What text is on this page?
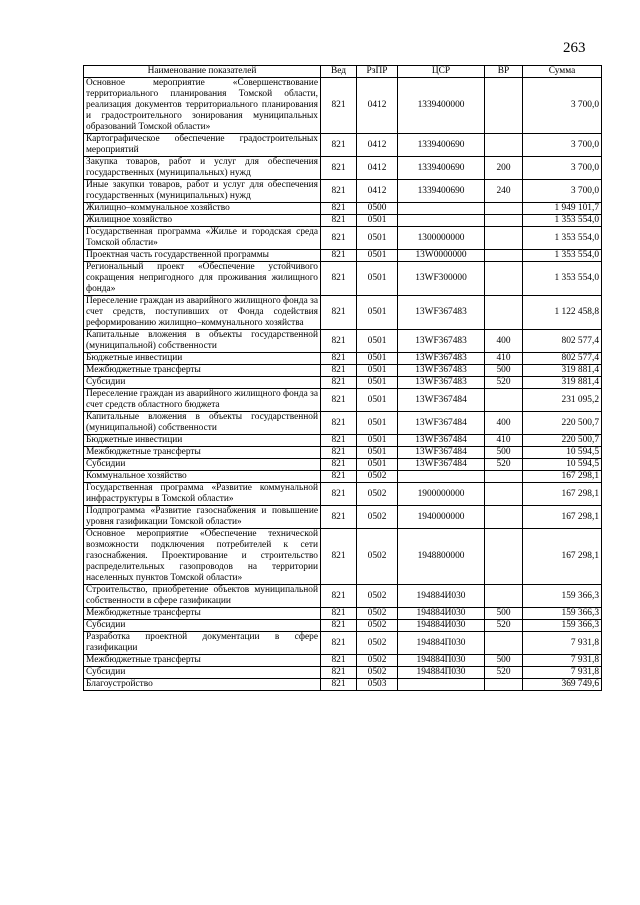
263
Наименование показателей	Вед	РзПР	ЦСР	ВР	Сумма
Основное мероприятие «Совершенствование территориального планирования Томской области, реализация документов территориального планирования и градостроительного зонирования муниципальных образований Томской области»	821	0412	1339400000		3 700,0
Картографическое обеспечение градостроительных мероприятий	821	0412	1339400690		3 700,0
Закупка товаров, работ и услуг для обеспечения государственных (муниципальных) нужд	821	0412	1339400690	200	3 700,0
Иные закупки товаров, работ и услуг для обеспечения государственных (муниципальных) нужд	821	0412	1339400690	240	3 700,0
Жилищно–коммунальное хозяйство	821	0500			1 949 101,7
Жилищное хозяйство	821	0501			1 353 554,0
Государственная программа «Жилье и городская среда Томской области»	821	0501	1300000000		1 353 554,0
Проектная часть государственной программы	821	0501	13W0000000		1 353 554,0
Региональный проект «Обеспечение устойчивого сокращения непригодного для проживания жилищного фонда»	821	0501	13WF300000		1 353 554,0
Переселение граждан из аварийного жилищного фонда за счет средств, поступивших от Фонда содействия реформированию жилищно–коммунального хозяйства	821	0501	13WF367483		1 122 458,8
Капитальные вложения в объекты государственной (муниципальной) собственности	821	0501	13WF367483	400	802 577,4
Бюджетные инвестиции	821	0501	13WF367483	410	802 577,4
Межбюджетные трансферты	821	0501	13WF367483	500	319 881,4
Субсидии	821	0501	13WF367483	520	319 881,4
Переселение граждан из аварийного жилищного фонда за счет средств областного бюджета	821	0501	13WF367484		231 095,2
Капитальные вложения в объекты государственной (муниципальной) собственности	821	0501	13WF367484	400	220 500,7
Бюджетные инвестиции	821	0501	13WF367484	410	220 500,7
Межбюджетные трансферты	821	0501	13WF367484	500	10 594,5
Субсидии	821	0501	13WF367484	520	10 594,5
Коммунальное хозяйство	821	0502			167 298,1
Государственная программа «Развитие коммунальной инфраструктуры в Томской области»	821	0502	1900000000		167 298,1
Подпрограмма «Развитие газоснабжения и повышение уровня газификации Томской области»	821	0502	1940000000		167 298,1
Основное мероприятие «Обеспечение технической возможности подключения потребителей к сети газоснабжения. Проектирование и строительство распределительных газопроводов на территории населенных пунктов Томской области»	821	0502	1948800000		167 298,1
Строительство, приобретение объектов муниципальной собственности в сфере газификации	821	0502	194884И030		159 366,3
Межбюджетные трансферты	821	0502	194884И030	500	159 366,3
Субсидии	821	0502	194884И030	520	159 366,3
Разработка проектной документации в сфере газификации	821	0502	194884П030		7 931,8
Межбюджетные трансферты	821	0502	194884П030	500	7 931,8
Субсидии	821	0502	194884П030	520	7 931,8
Благоустройство	821	0503			369 749,6
